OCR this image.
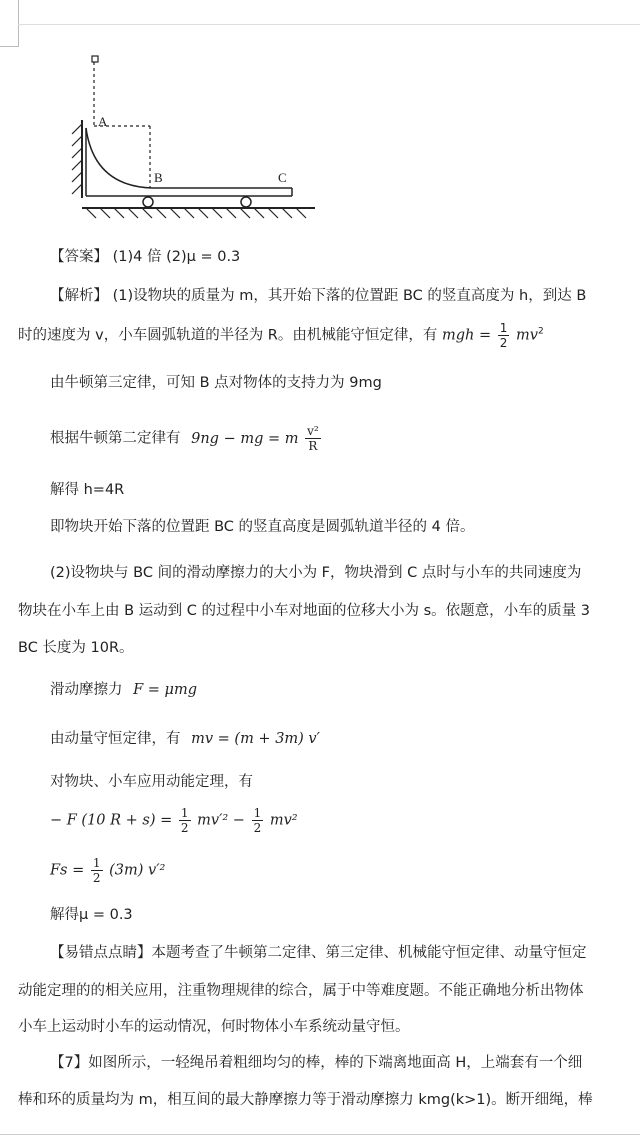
A
B	C
【答案】 (1)4 倍 (2)μ = 0.3
【解析】 (1)设物块的质量为 m，其开始下落的位置距 BC 的竖直高度为 h，到达 B
时的速度为 v，小车圆弧轨道的半径为 R。由机械能守恒定律，有 mgh = $\frac{1}{2} mv^2$
由牛顿第三定律，可知 B 点对物体的支持力为 9mg
根据牛顿第二定律有 9ng − mg = m $\frac{\text{v²}}{R}$
解得 h=4R
即物块开始下落的位置距 BC 的竖直高度是圆弧轨道半径的 4 倍。
(2)设物块与 BC 间的滑动摩擦力的大小为 F，物块滑到 C 点时与小车的共同速度为
物块在小车上由 B 运动到 C 的过程中小车对地面的位移大小为 s。依题意，小车的质量 3
BC 长度为 10R。
滑动摩擦力 F = μmg
由动量守恒定律，有 mv = (m + 3m) v′
对物块、小车应用动能定理，有
− F (10 $R + s) = \frac{1}{2} mv'^2 - \frac{1}{2} mv^2$
$Fs = \frac{1}{2} (3m)$ v′²
解得μ = 0.3
【易错点点睛】本题考查了牛顿第二定律、第三定律、机械能守恒定律、动量守恒定
动能定理的的相关应用，注重物理规律的综合，属于中等难度题。不能正确地分析出物体
小车上运动时小车的运动情况，何时物体小车系统动量守恒。
【7】如图所示，一轻绳吊着粗细均匀的棒，棒的下端离地面高 H，上端套有一个细
棒和环的质量均为 m，相互间的最大静摩擦力等于滑动摩擦力 kmg(k>1)。断开细绳，棒
